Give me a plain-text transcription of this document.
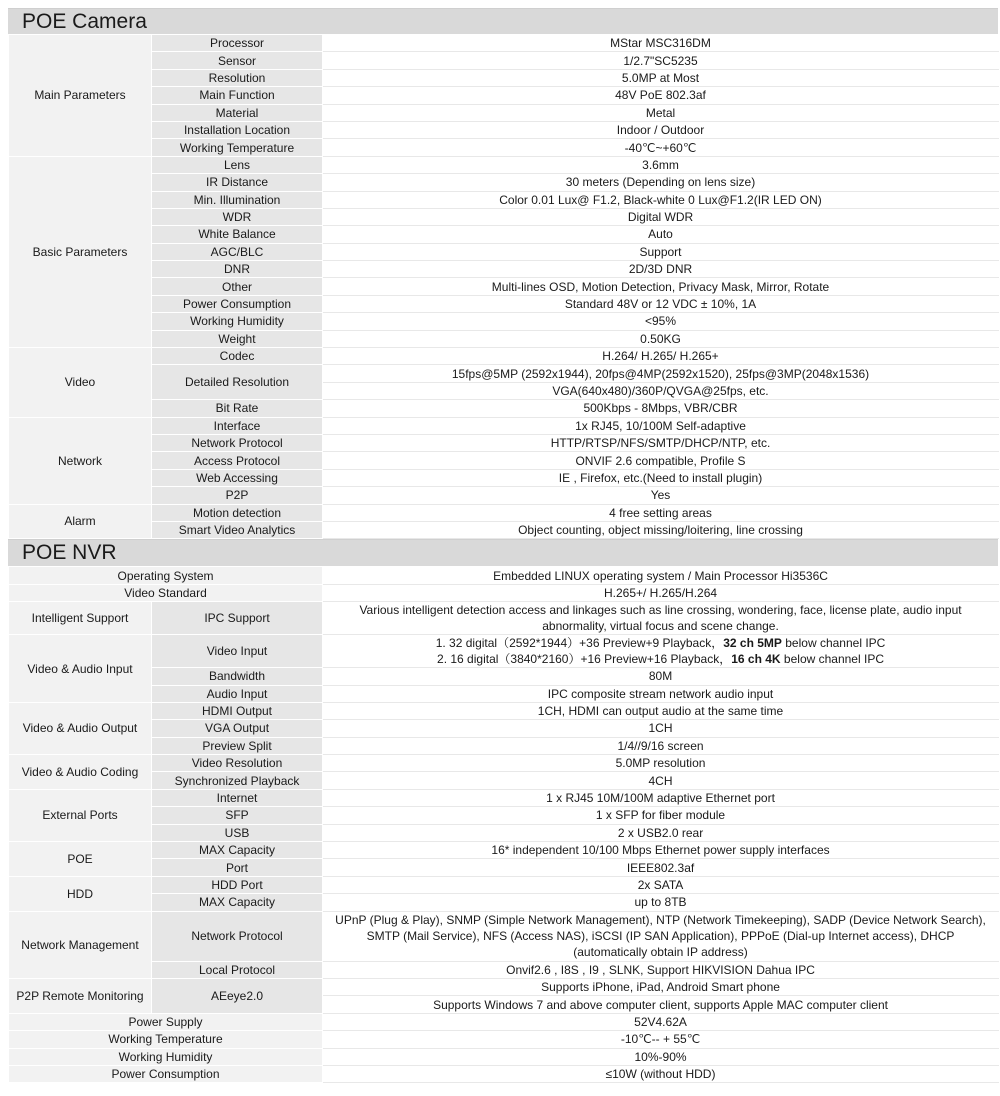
POE Camera
Main Parameters	Processor	MStar MSC316DM
	Sensor	1/2.7"SC5235
	Resolution	5.0MP at Most
	Main Function	48V PoE 802.3af
	Material	Metal
	Installation Location	Indoor / Outdoor
	Working Temperature	-40℃~+60℃
Basic Parameters	Lens	3.6mm
	IR Distance	30 meters (Depending on lens size)
	Min. Illumination	Color 0.01 Lux@ F1.2, Black-white 0 Lux@F1.2(IR LED ON)
	WDR	Digital WDR
	White Balance	Auto
	AGC/BLC	Support
	DNR	2D/3D DNR
	Other	Multi-lines OSD, Motion Detection, Privacy Mask, Mirror, Rotate
	Power Consumption	Standard 48V or 12 VDC ± 10%, 1A
	Working Humidity	<95%
	Weight	0.50KG
Video	Codec	H.264/ H.265/ H.265+
	Detailed Resolution	15fps@5MP (2592x1944), 20fps@4MP(2592x1520), 25fps@3MP(2048x1536)
		VGA(640x480)/360P/QVGA@25fps, etc.
	Bit Rate	500Kbps - 8Mbps, VBR/CBR
Network	Interface	1x RJ45, 10/100M Self-adaptive
	Network Protocol	HTTP/RTSP/NFS/SMTP/DHCP/NTP, etc.
	Access Protocol	ONVIF 2.6 compatible, Profile S
	Web Accessing	IE , Firefox, etc.(Need to install plugin)
	P2P	Yes
Alarm	Motion detection	4 free setting areas
	Smart Video Analytics	Object counting, object missing/loitering, line crossing
POE NVR
Operating System		Embedded LINUX operating system / Main Processor Hi3536C
Video Standard		H.265+/ H.265/H.264
Intelligent Support	IPC Support	Various intelligent detection access and linkages such as line crossing, wondering, face, license plate, audio input abnormality, virtual focus and scene change.
Video & Audio Input	Video Input	1. 32 digital（2592*1944）+36 Preview+9 Playback，32 ch 5MP below channel IPC
2. 16 digital（3840*2160）+16 Preview+16 Playback，16 ch 4K below channel IPC

	Bandwidth	80M
	Audio Input	IPC composite stream network audio input
Video & Audio Output	HDMI Output	1CH, HDMI can output audio at the same time
	VGA Output	1CH
	Preview Split	1/4//9/16 screen
Video & Audio Coding	Video Resolution	5.0MP resolution
	Synchronized Playback	4CH
External Ports	Internet	1 x RJ45 10M/100M adaptive Ethernet port
	SFP	1 x SFP for fiber module
	USB	2 x USB2.0 rear
POE	MAX Capacity	16* independent 10/100 Mbps Ethernet power supply interfaces
	Port	IEEE802.3af
HDD	HDD Port	2x SATA
	MAX Capacity	up to 8TB
Network Management	Network Protocol	UPnP (Plug & Play), SNMP (Simple Network Management), NTP (Network Timekeeping), SADP (Device Network Search), SMTP (Mail Service), NFS (Access NAS), iSCSI (IP SAN Application), PPPoE (Dial-up Internet access), DHCP (automatically obtain IP address)
	Local Protocol	Onvif2.6 , I8S , I9 , SLNK, Support HIKVISION Dahua IPC
P2P Remote Monitoring	AEeye2.0	Supports iPhone, iPad, Android Smart phone
		Supports Windows 7 and above computer client, supports Apple MAC computer client
Power Supply		52V4.62A
Working Temperature		-10℃-- + 55℃
Working Humidity		10%-90%
Power Consumption		≤10W (without HDD)
